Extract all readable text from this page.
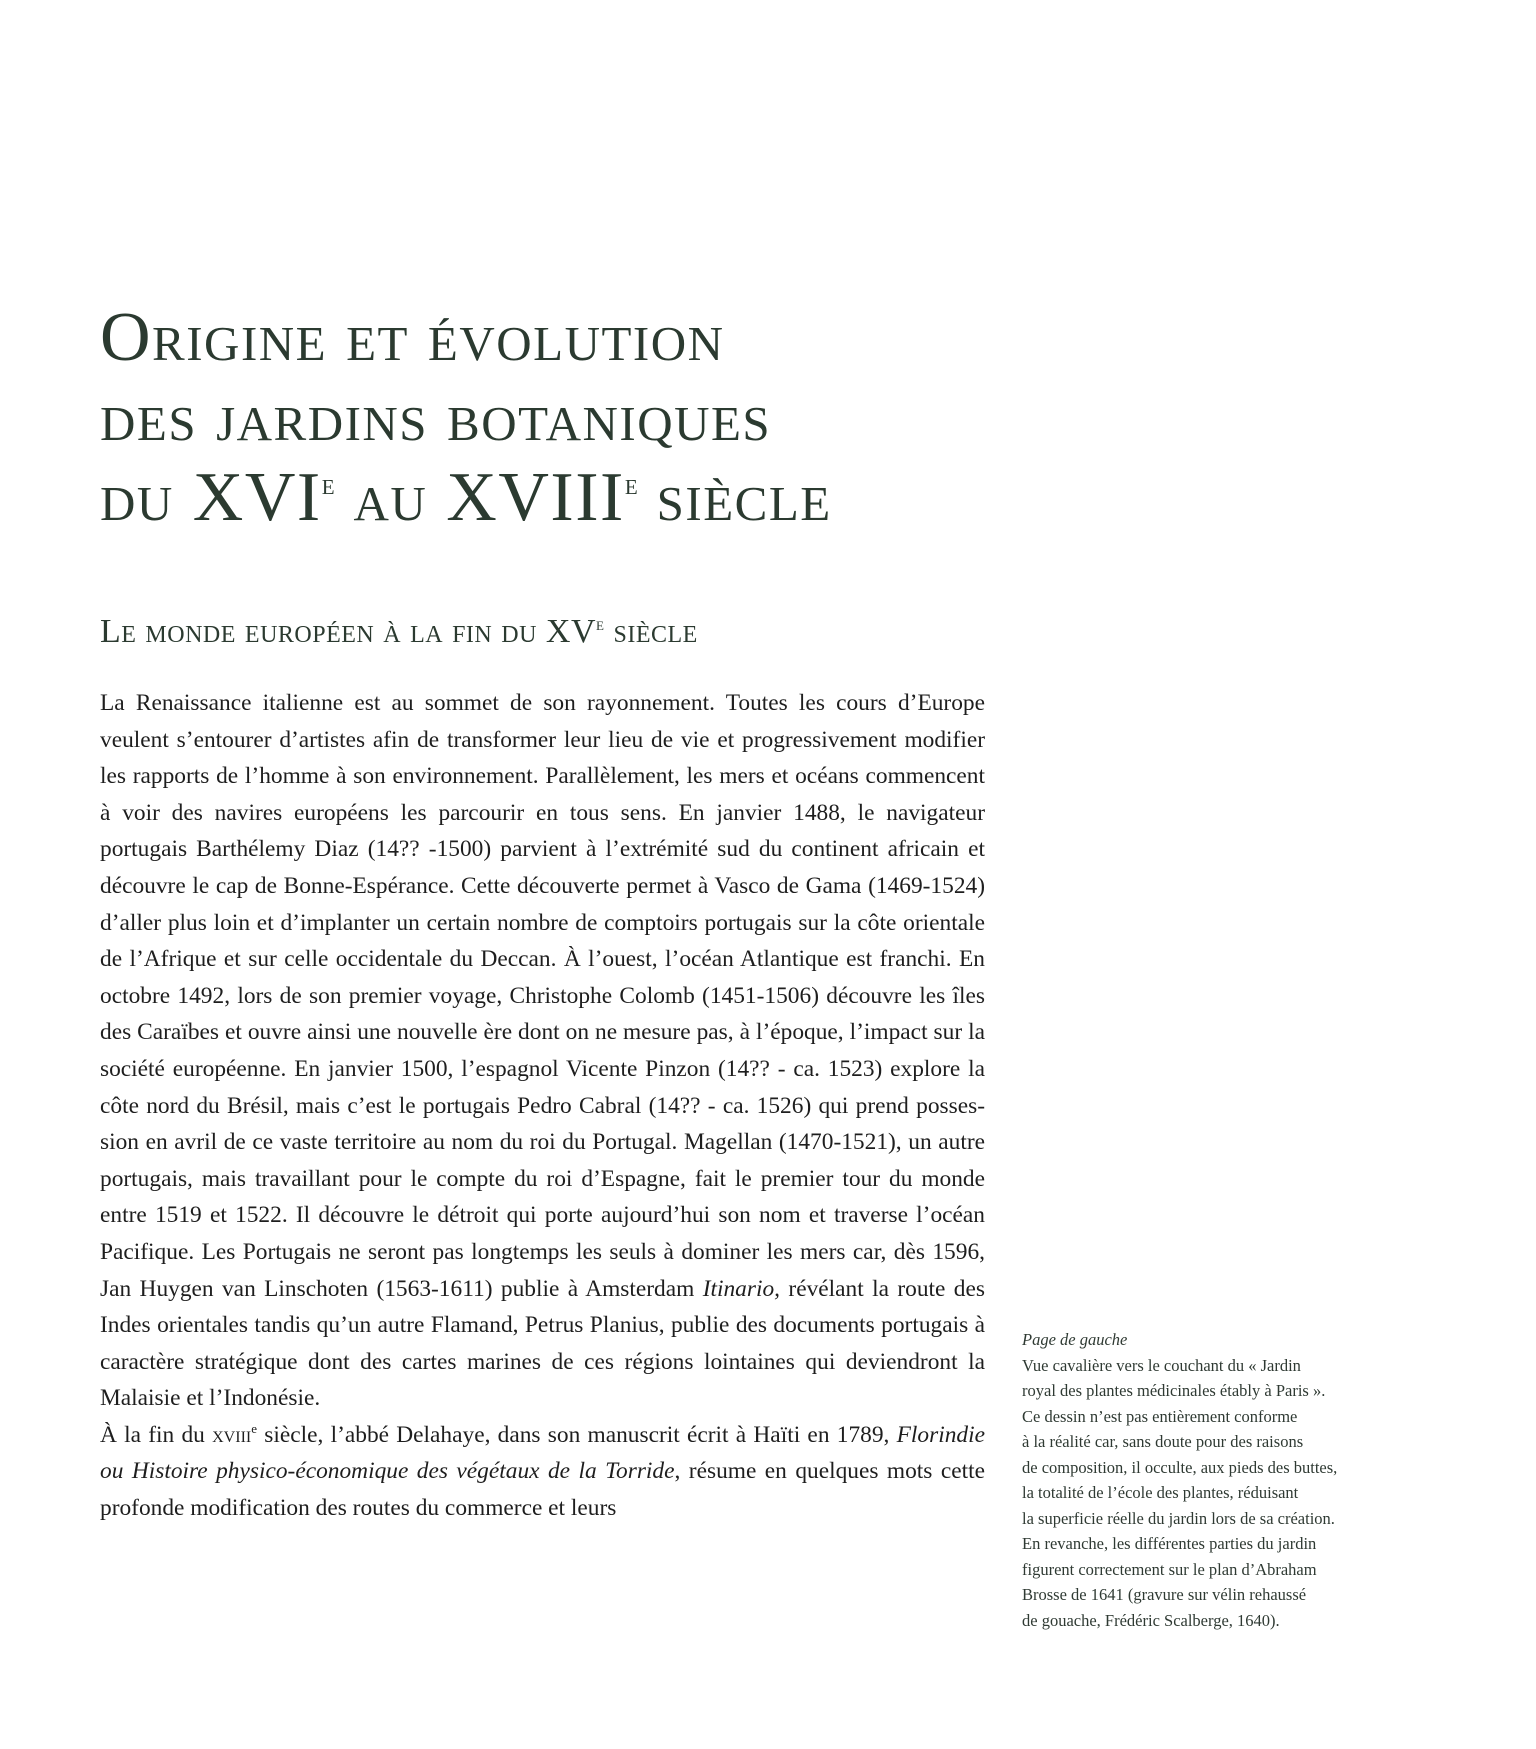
Origine et évolution
des jardins botaniques
du XVIe au XVIIIe siècle
Le monde européen à la fin du XVe siècle

La Renaissance italienne est au sommet de son rayonnement. Toutes les cours d’Europe veulent s’entourer d’artistes afin de transformer leur lieu de vie et progressivement modifier les rapports de l’homme à son environnement. Parallèlement, les mers et océans commencent à voir des navires européens les parcourir en tous sens. En janvier 1488, le navigateur portugais Barthélemy Diaz (14?? -1500) parvient à l’extrémité sud du continent africain et découvre le cap de Bonne-Espérance. Cette découverte permet à Vasco de Gama (1469-1524) d’aller plus loin et d’implanter un certain nombre de comptoirs portugais sur la côte orientale de l’Afrique et sur celle occidentale du Deccan. À l’ouest, l’océan Atlantique est franchi. En octobre 1492, lors de son premier voyage, Christophe Colomb (1451-1506) découvre les îles des Caraïbes et ouvre ainsi une nouvelle ère dont on ne mesure pas, à l’époque, l’impact sur la société européenne. En janvier 1500, l’espagnol Vicente Pinzon (14?? - ca. 1523) explore la côte nord du Brésil, mais c’est le portugais Pedro Cabral (14?? - ca. 1526) qui prend posses-sion en avril de ce vaste territoire au nom du roi du Portugal. Magellan (1470-1521), un autre portugais, mais travaillant pour le compte du roi d’Espagne, fait le premier tour du monde entre 1519 et 1522. Il découvre le détroit qui porte aujourd’hui son nom et traverse l’océan Pacifique. Les Portugais ne seront pas longtemps les seuls à dominer les mers car, dès 1596, Jan Huygen van Linschoten (1563-1611) publie à Amsterdam Itinario, révélant la route des Indes orientales tandis qu’un autre Flamand, Petrus Planius, publie des documents portugais à caractère stratégique dont des cartes marines de ces régions lointaines qui deviendront la Malaisie et l’Indonésie.

À la fin du xviii$^e$ siècle, l’abbé Delahaye, dans son manuscrit écrit à Haïti en 1789, Florindie ou Histoire physico-économique des végétaux de la Torride, résume en quelques mots cette profonde modification des routes du commerce et leurs

Page de gauche
Vue cavalière vers le couchant du « Jardin
royal des plantes médicinales étably à Paris ».
Ce dessin n’est pas entièrement conforme
à la réalité car, sans doute pour des raisons
de composition, il occulte, aux pieds des buttes,
la totalité de l’école des plantes, réduisant
la superficie réelle du jardin lors de sa création.
En revanche, les différentes parties du jardin
figurent correctement sur le plan d’Abraham
Brosse de 1641 (gravure sur vélin rehaussé
de gouache, Frédéric Scalberge, 1640).
